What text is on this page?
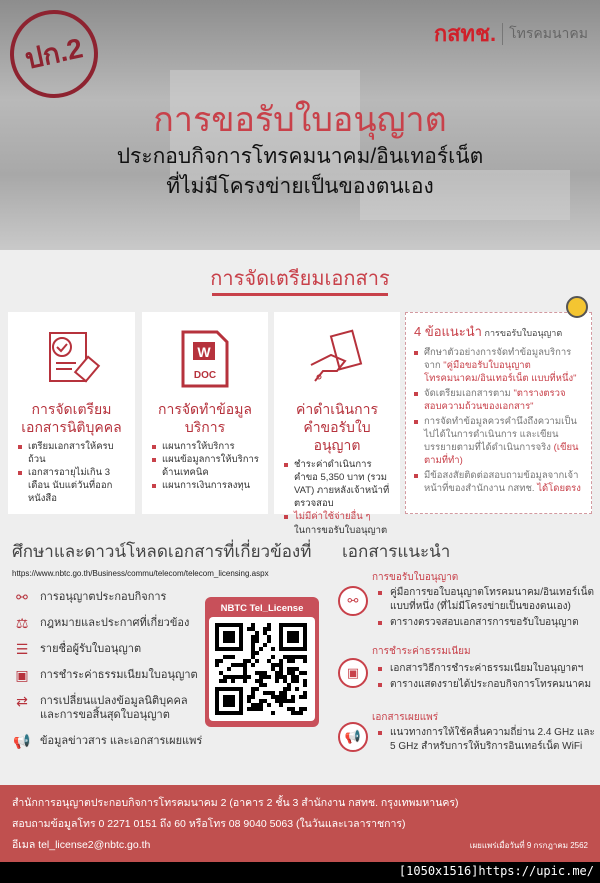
ปก.2	กสทช. โทรคมนาคม
การขอรับใบอนุญาต
ประกอบกิจการโทรคมนาคม/อินเทอร์เน็ต
ที่ไม่มีโครงข่ายเป็นของตนเอง
การจัดเตรียมเอกสาร
การจัดเตรียมเอกสารนิติบุคคล
เตรียมเอกสารให้ครบถ้วน
เอกสารอายุไม่เกิน 3 เดือน นับแต่วันที่ออกหนังสือ
W
DOC
การจัดทำข้อมูลบริการ
แผนการให้บริการ
แผนข้อมูลการให้บริการด้านเทคนิค
แผนการเงินการลงทุน
ค่าดำเนินการคำขอรับใบอนุญาต
ชำระค่าดำเนินการคำขอ 5,350 บาท (รวม VAT) ภายหลังเจ้าหน้าที่ตรวจสอบ
ไม่มีค่าใช้จ่ายอื่น ๆ
ในการขอรับใบอนุญาต
4 ข้อแนะนำ การขอรับใบอนุญาต
ศึกษาตัวอย่างการจัดทำข้อมูลบริการ จาก "คู่มือขอรับใบอนุญาตโทรคมนาคม/อินเทอร์เน็ต แบบที่หนึ่ง"
จัดเตรียมเอกสารตาม "ตารางตรวจสอบความถ้วนของเอกสาร"
การจัดทำข้อมูลควรคำนึงถึงความเป็นไปได้ในการดำเนินการ และเขียนบรรยายตามที่ได้ดำเนินการจริง (เขียนตามที่ทำ)
มีข้อสงสัยติดต่อสอบถามข้อมูลจากเจ้าหน้าที่ของสำนักงาน กสทช. ได้โดยตรง
ศึกษาและดาวน์โหลดเอกสารที่เกี่ยวข้องที่
https://www.nbtc.go.th/Business/commu/telecom/telecom_licensing.aspx
⚯	การอนุญาตประกอบกิจการ
⚖	กฎหมายและประกาศที่เกี่ยวข้อง
☰	รายชื่อผู้รับใบอนุญาต
▣	การชำระค่าธรรมเนียมใบอนุญาต
⇄	การเปลี่ยนแปลงข้อมูลนิติบุคคลและการขอสิ้นสุดใบอนุญาต
📢 ข้อมูลข่าวสาร และเอกสารเผยแพร่
NBTC Tel_License
เอกสารแนะนำ
⚯
การขอรับใบอนุญาต
คู่มือการขอใบอนุญาตโทรคมนาคม/อินเทอร์เน็ต แบบที่หนึ่ง (ที่ไม่มีโครงข่ายเป็นของตนเอง)
ตารางตรวจสอบเอกสารการขอรับใบอนุญาต
▣
การชำระค่าธรรมเนียม
เอกสารวิธีการชำระค่าธรรมเนียมใบอนุญาตฯ
ตารางแสดงรายได้ประกอบกิจการโทรคมนาคม
📢
เอกสารเผยแพร่
แนวทางการให้ใช้คลื่นความถี่ย่าน 2.4 GHz และ 5 GHz สำหรับการให้บริการอินเทอร์เน็ต WiFi
สำนักการอนุญาตประกอบกิจการโทรคมนาคม 2 (อาคาร 2 ชั้น 3 สำนักงาน กสทช. กรุงเทพมหานคร)
สอบถามข้อมูลโทร 0 2271 0151 ถึง 60 หรือโทร 08 9040 5063 (ในวันและเวลาราชการ)
อีเมล tel_license2@nbtc.go.th	เผยแพร่เมื่อวันที่ 9 กรกฎาคม 2562
[1050x1516]https://upic.me/
